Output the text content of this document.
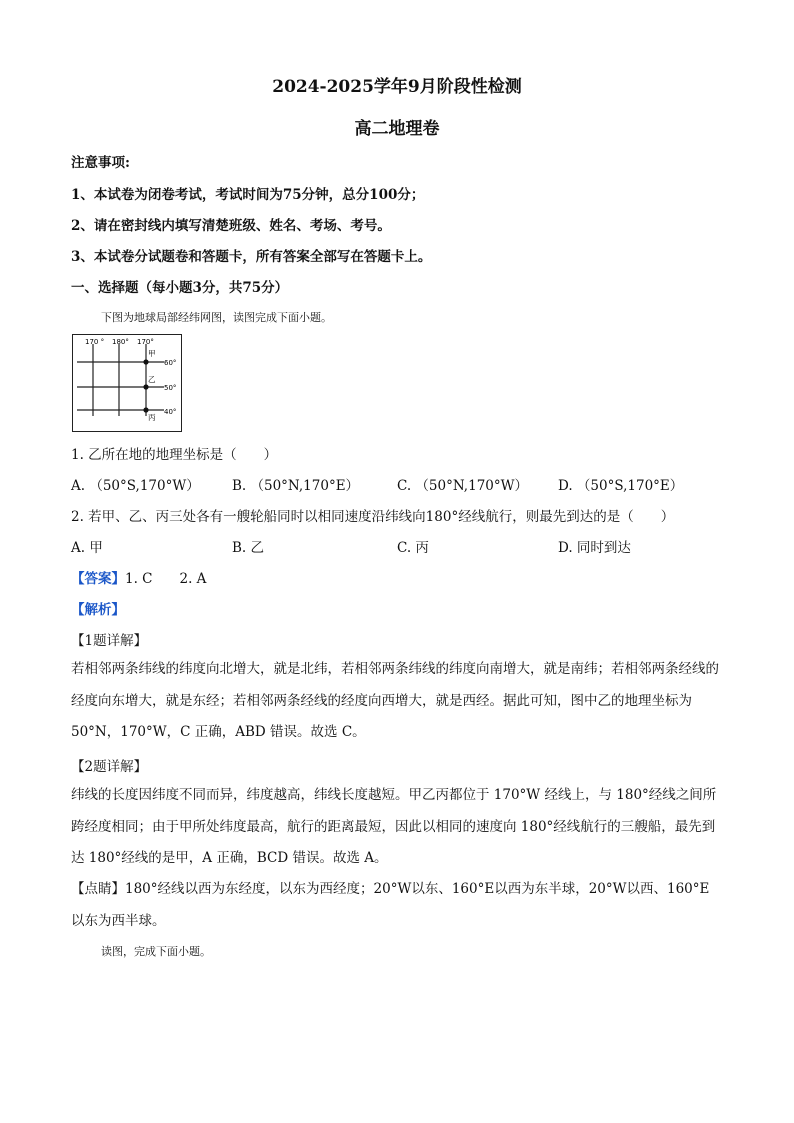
2024-2025学年9月阶段性检测
高二地理卷
注意事项:
1、本试卷为闭卷考试，考试时间为75分钟，总分100分；
2、请在密封线内填写清楚班级、姓名、考场、考号。
3、本试卷分试题卷和答题卡，所有答案全部写在答题卡上。
一、选择题（每小题3分，共75分）
下图为地球局部经纬网图，读图完成下面小题。
170 ° 180° 170°
60°
50°
40°
甲
乙
丙
1. 乙所在地的地理坐标是（　　）
A. （50°S,170°W） B. （50°N,170°E）	C. （50°N,170°W） D. （50°S,170°E）
2. 若甲、乙、丙三处各有一艘轮船同时以相同速度沿纬线向180°经线航行，则最先到达的是（　　）
A. 甲	B. 乙	C. 丙	D. 同时到达
【答案】1. C　　2. A
【解析】
【1题详解】
若相邻两条纬线的纬度向北增大，就是北纬，若相邻两条纬线的纬度向南增大，就是南纬；若相邻两条经线的经度向东增大，就是东经；若相邻两条经线的经度向西增大，就是西经。据此可知，图中乙的地理坐标为 50°N，170°W，C 正确，ABD 错误。故选 C。
【2题详解】
纬线的长度因纬度不同而异，纬度越高，纬线长度越短。甲乙丙都位于 170°W 经线上，与 180°经线之间所跨经度相同；由于甲所处纬度最高，航行的距离最短，因此以相同的速度向 180°经线航行的三艘船，最先到达 180°经线的是甲，A 正确，BCD 错误。故选 A。
【点睛】180°经线以西为东经度，以东为西经度；20°W以东、160°E以西为东半球，20°W以西、160°E以东为西半球。
读图，完成下面小题。
